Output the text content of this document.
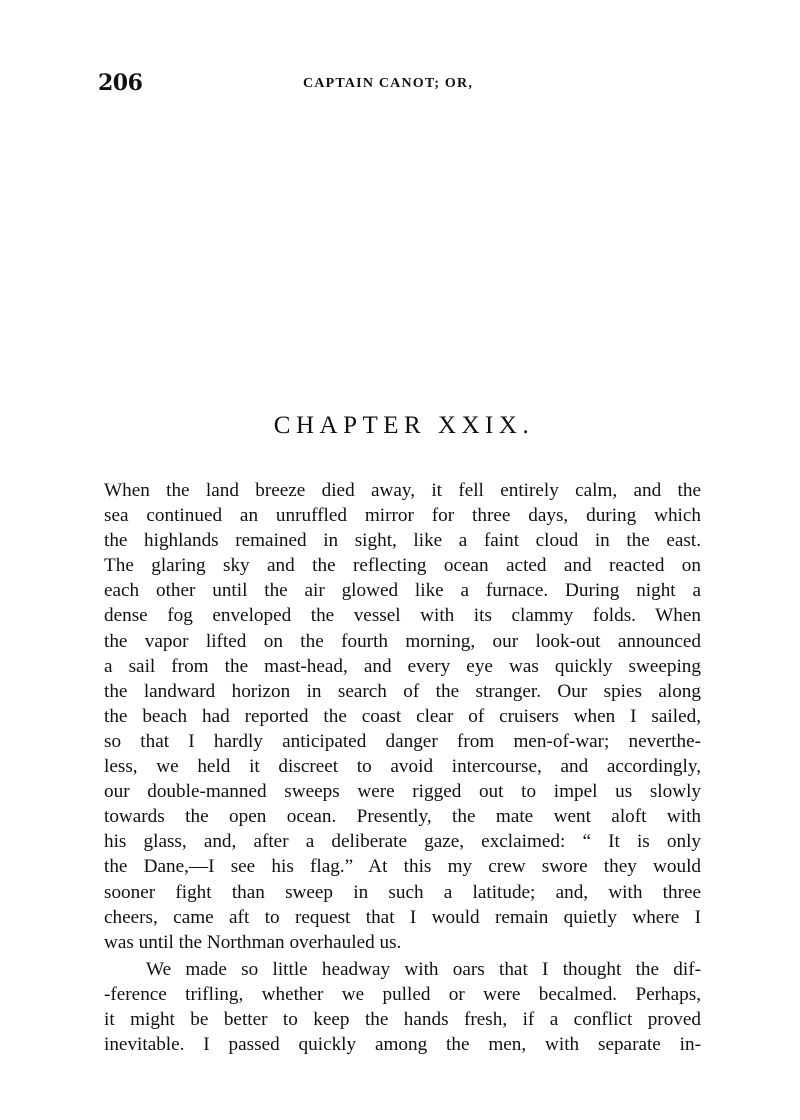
206	CAPTAIN CANOT; OR,
CHAPTER XXIX.
When the land breeze died away, it fell entirely calm, and the
sea continued an unruffled mirror for three days, during which
the highlands remained in sight, like a faint cloud in the east.
The glaring sky and the reflecting ocean acted and reacted on
each other until the air glowed like a furnace. During night a
dense fog enveloped the vessel with its clammy folds. When
the vapor lifted on the fourth morning, our look-out announced
a sail from the mast-head, and every eye was quickly sweeping
the landward horizon in search of the stranger. Our spies along
the beach had reported the coast clear of cruisers when I sailed,
so that I hardly anticipated danger from men-of-war; neverthe-
less, we held it discreet to avoid intercourse, and accordingly,
our double-manned sweeps were rigged out to impel us slowly
towards the open ocean. Presently, the mate went aloft with
his glass, and, after a deliberate gaze, exclaimed: “ It is only
the Dane,—I see his flag.” At this my crew swore they would
sooner fight than sweep in such a latitude; and, with three
cheers, came aft to request that I would remain quietly where I
was until the Northman overhauled us.
We made so little headway with oars that I thought the dif-
-ference trifling, whether we pulled or were becalmed. Perhaps,
it might be better to keep the hands fresh, if a conflict proved
inevitable. I passed quickly among the men, with separate in-
